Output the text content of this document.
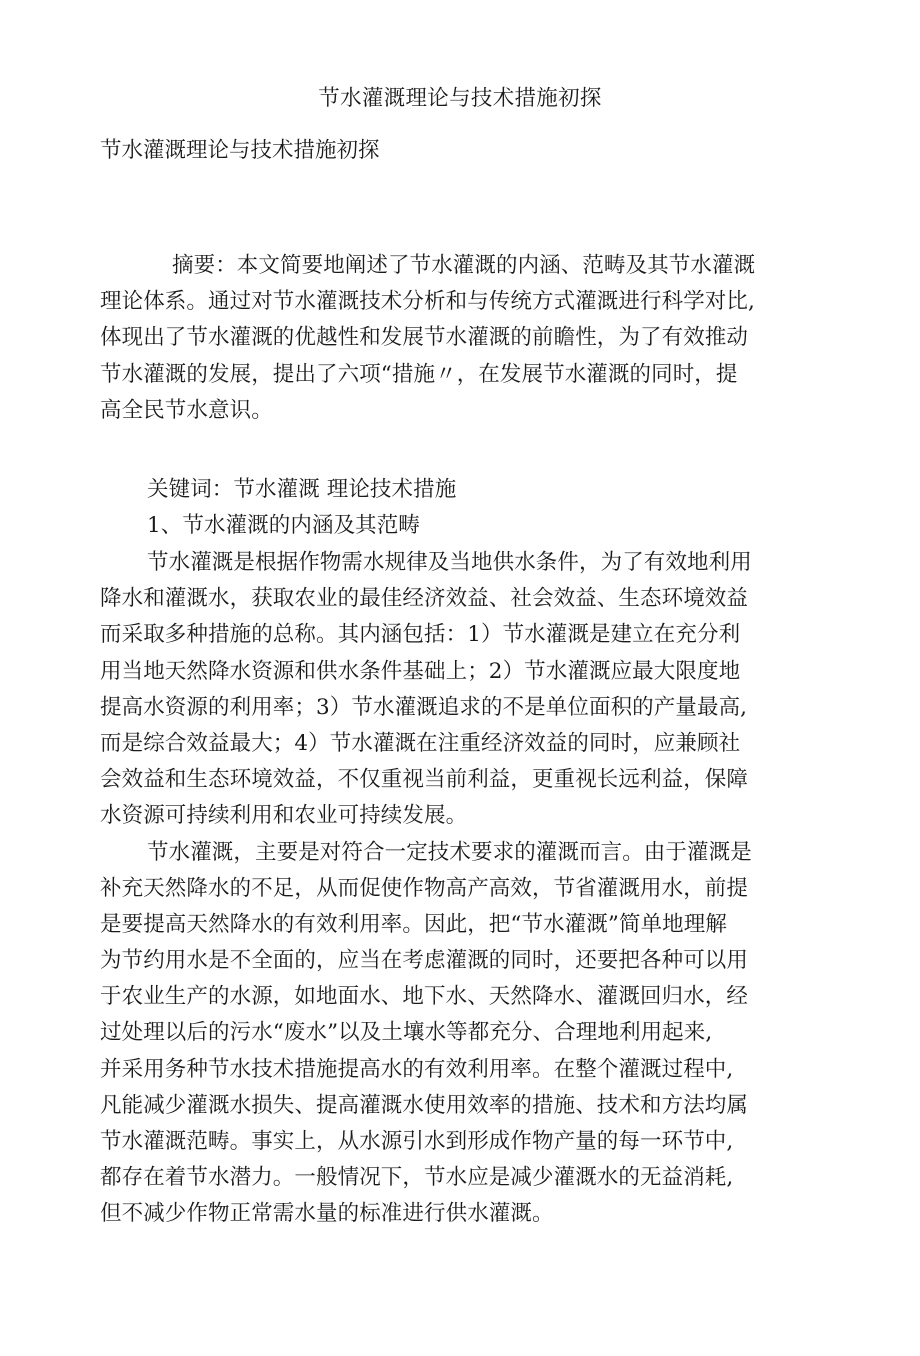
节水灌溉理论与技术措施初探
节水灌溉理论与技术措施初探
摘要：本文简要地阐述了节水灌溉的内涵、范畴及其节水灌溉
理论体系。通过对节水灌溉技术分析和与传统方式灌溉进行科学对比,
体现出了节水灌溉的优越性和发展节水灌溉的前瞻性，为了有效推动
节水灌溉的发展，提出了六项“措施〃，在发展节水灌溉的同时，提
高全民节水意识。
关键词：节水灌溉 理论技术措施
1、节水灌溉的内涵及其范畴
节水灌溉是根据作物需水规律及当地供水条件，为了有效地利用
降水和灌溉水，获取农业的最佳经济效益、社会效益、生态环境效益
而采取多种措施的总称。其内涵包括：1）节水灌溉是建立在充分利
用当地天然降水资源和供水条件基础上；2）节水灌溉应最大限度地
提高水资源的利用率；3）节水灌溉追求的不是单位面积的产量最高,
而是综合效益最大；4）节水灌溉在注重经济效益的同时，应兼顾社
会效益和生态环境效益，不仅重视当前利益，更重视长远利益，保障
水资源可持续利用和农业可持续发展。
节水灌溉，主要是对符合一定技术要求的灌溉而言。由于灌溉是
补充天然降水的不足，从而促使作物高产高效，节省灌溉用水，前提
是要提高天然降水的有效利用率。因此，把“节水灌溉”简单地理解
为节约用水是不全面的，应当在考虑灌溉的同时，还要把各种可以用
于农业生产的水源，如地面水、地下水、天然降水、灌溉回归水，经
过处理以后的污水“废水”以及土壤水等都充分、合理地利用起来,
并采用务种节水技术措施提高水的有效利用率。在整个灌溉过程中,
凡能减少灌溉水损失、提高灌溉水使用效率的措施、技术和方法均属
节水灌溉范畴。事实上，从水源引水到形成作物产量的每一环节中,
都存在着节水潜力。一般情况下，节水应是减少灌溉水的无益消耗,
但不减少作物正常需水量的标准进行供水灌溉。
